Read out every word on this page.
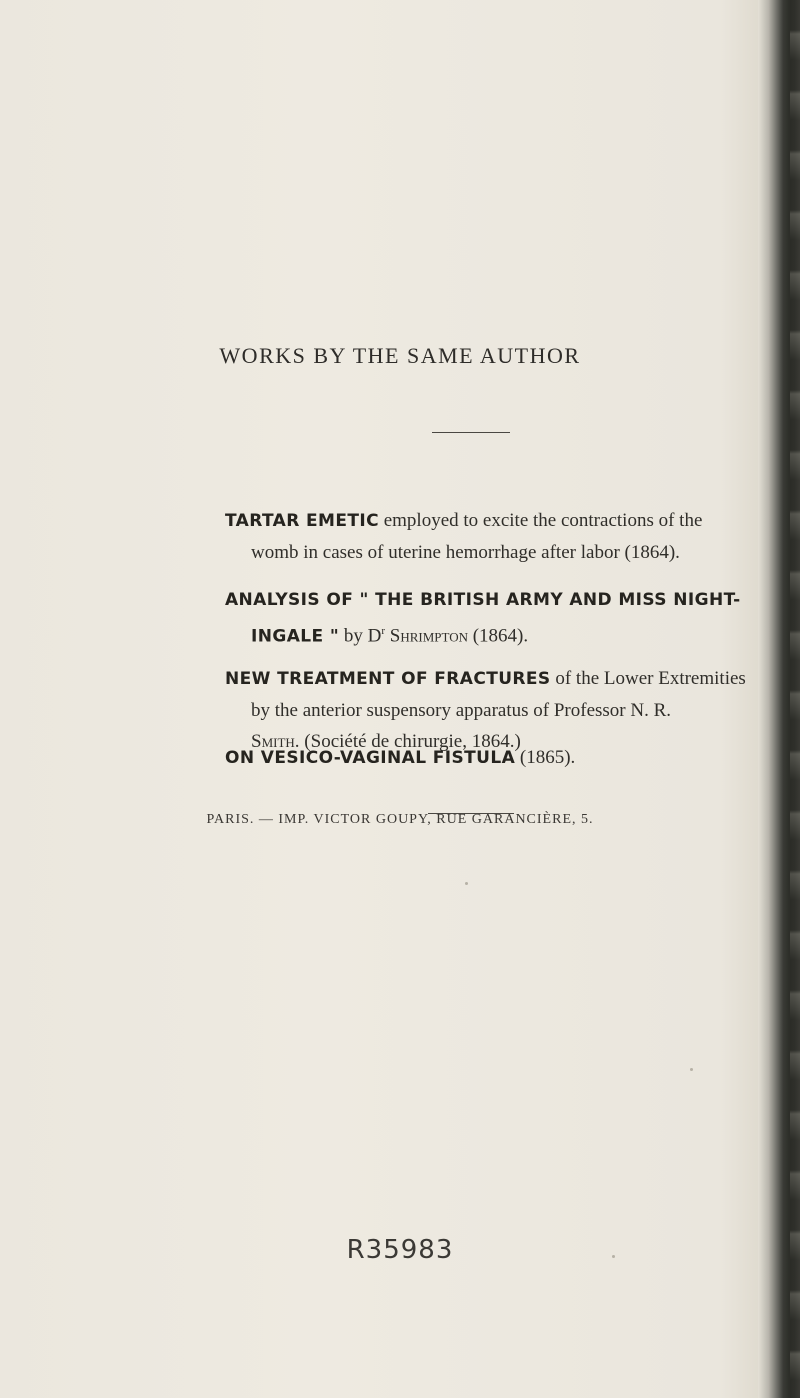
WORKS BY THE SAME AUTHOR
TARTAR EMETIC employed to excite the contractions of the
womb in cases of uterine hemorrhage after labor (1864).
ANALYSIS OF " THE BRITISH ARMY AND MISS NIGHT-
INGALE " by $D^r$ Shrimpton (1864).
NEW TREATMENT OF FRACTURES of the Lower Extremities
by the anterior suspensory apparatus of Professor N. R.
Smith. (Société de chirurgie, 1864.)
ON VESICO-VAGINAL FISTULA (1865).
PARIS. — IMP. VICTOR GOUPY, RUE GARANCIÈRE, 5.
R35983
